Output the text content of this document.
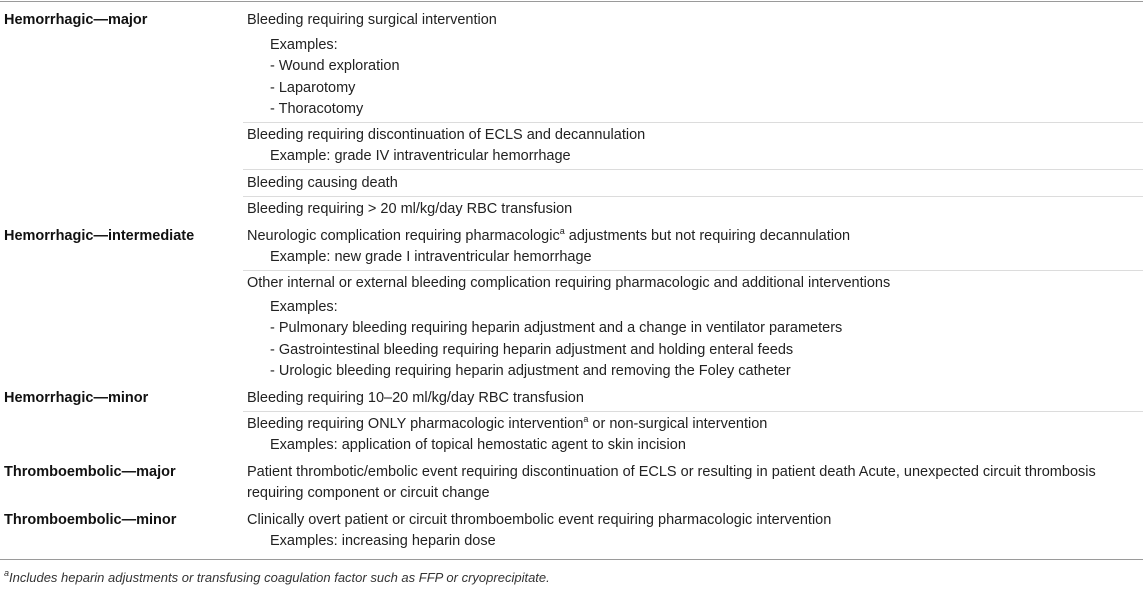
Hemorrhagic—major	Bleeding requiring surgical intervention
Examples:
- Wound exploration
- Laparotomy
- Thoracotomy
Bleeding requiring discontinuation of ECLS and decannulation
Example: grade IV intraventricular hemorrhage
Bleeding causing death
Bleeding requiring > 20 ml/kg/day RBC transfusion
Hemorrhagic—intermediate	Neurologic complication requiring pharmacologic$^a$ adjustments but not requiring decannulation
Example: new grade I intraventricular hemorrhage
Other internal or external bleeding complication requiring pharmacologic and additional interventions
Examples:
- Pulmonary bleeding requiring heparin adjustment and a change in ventilator parameters
- Gastrointestinal bleeding requiring heparin adjustment and holding enteral feeds
- Urologic bleeding requiring heparin adjustment and removing the Foley catheter
Hemorrhagic—minor	Bleeding requiring 10–20 ml/kg/day RBC transfusion
Bleeding requiring ONLY pharmacologic intervention$^a$ or non-surgical intervention
Examples: application of topical hemostatic agent to skin incision
Thromboembolic—major	Patient thrombotic/embolic event requiring discontinuation of ECLS or resulting in patient death Acute, unexpected circuit thrombosis
requiring component or circuit change
Thromboembolic—minor	Clinically overt patient or circuit thromboembolic event requiring pharmacologic intervention
Examples: increasing heparin dose
$^a$Includes heparin adjustments or transfusing coagulation factor such as FFP or cryoprecipitate.
